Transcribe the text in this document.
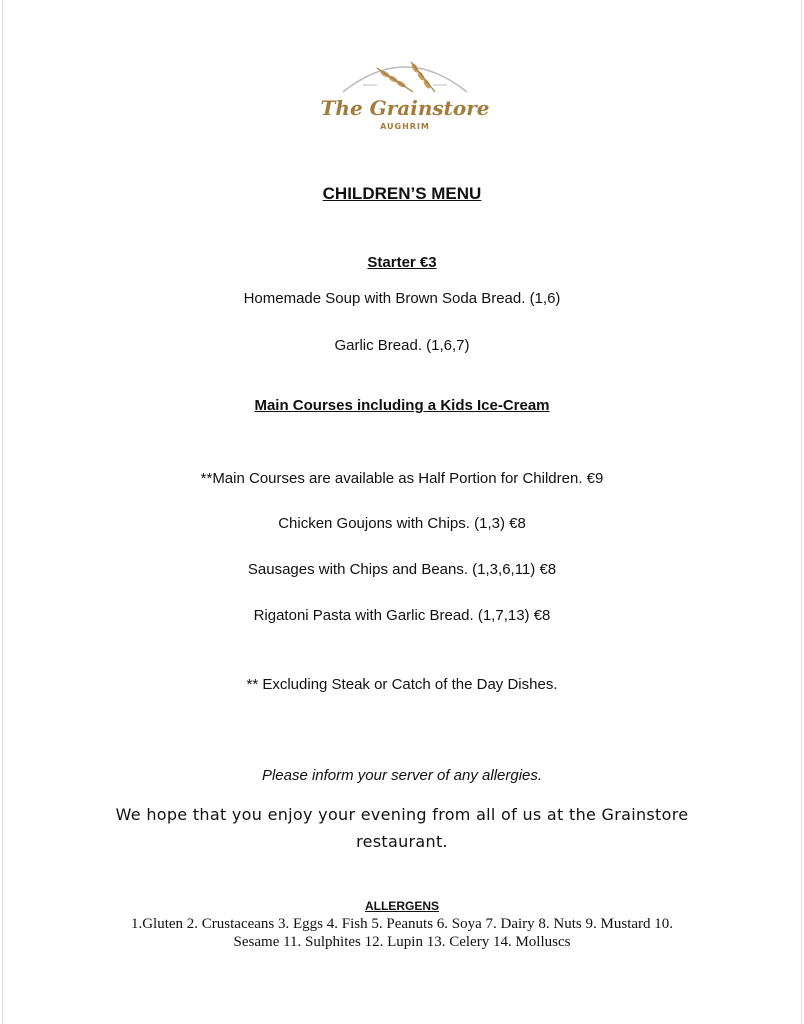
The Grainstore
AUGHRIM
CHILDREN’S MENU
Starter €3
Homemade Soup with Brown Soda Bread. (1,6)
Garlic Bread. (1,6,7)
Main Courses including a Kids Ice-Cream
**Main Courses are available as Half Portion for Children. €9
Chicken Goujons with Chips. (1,3) €8
Sausages with Chips and Beans. (1,3,6,11) €8
Rigatoni Pasta with Garlic Bread. (1,7,13) €8
** Excluding Steak or Catch of the Day Dishes.
Please inform your server of any allergies.
We hope that you enjoy your evening from all of us at the Grainstore
restaurant.
ALLERGENS
1.Gluten 2. Crustaceans 3. Eggs 4. Fish 5. Peanuts 6. Soya 7. Dairy 8. Nuts 9. Mustard 10.
Sesame 11. Sulphites 12. Lupin 13. Celery 14. Molluscs
